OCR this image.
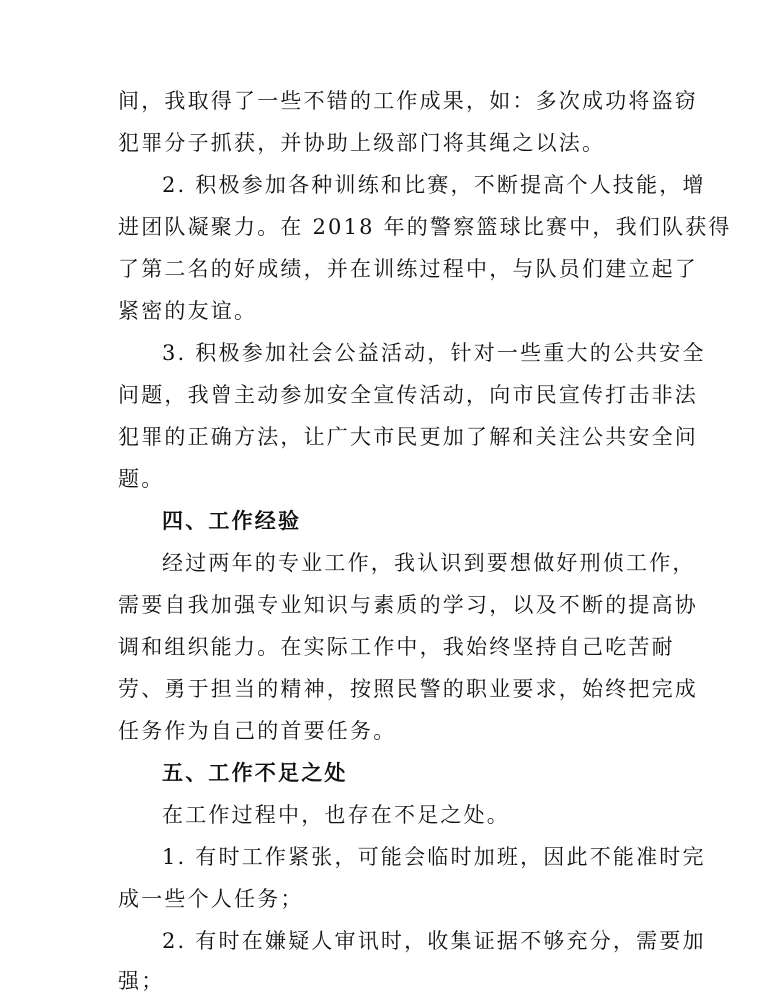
间，我取得了一些不错的工作成果，如：多次成功将盗窃
犯罪分子抓获，并协助上级部门将其绳之以法。
2. 积极参加各种训练和比赛，不断提高个人技能，增
进团队凝聚力。在 2018 年的警察篮球比赛中，我们队获得
了第二名的好成绩，并在训练过程中，与队员们建立起了
紧密的友谊。
3. 积极参加社会公益活动，针对一些重大的公共安全
问题，我曾主动参加安全宣传活动，向市民宣传打击非法
犯罪的正确方法，让广大市民更加了解和关注公共安全问
题。
四、工作经验
经过两年的专业工作，我认识到要想做好刑侦工作，
需要自我加强专业知识与素质的学习，以及不断的提高协
调和组织能力。在实际工作中，我始终坚持自己吃苦耐
劳、勇于担当的精神，按照民警的职业要求，始终把完成
任务作为自己的首要任务。
五、工作不足之处
在工作过程中，也存在不足之处。
1. 有时工作紧张，可能会临时加班，因此不能准时完
成一些个人任务；
2. 有时在嫌疑人审讯时，收集证据不够充分，需要加
强；
